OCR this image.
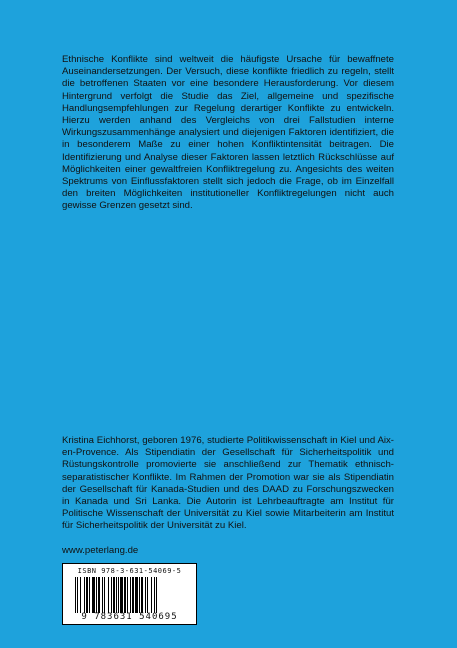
Ethnische Konflikte sind weltweit die häufigste Ursache für bewaffnete Auseinandersetzungen. Der Versuch, diese konflikte friedlich zu regeln, stellt die betroffenen Staaten vor eine besondere Herausforderung. Vor diesem Hintergrund verfolgt die Studie das Ziel, allgemeine und spezifische Handlungsempfehlungen zur Regelung derartiger Konflikte zu entwickeln. Hierzu werden anhand des Vergleichs von drei Fallstudien interne Wirkungszusammenhänge analysiert und diejenigen Faktoren identifiziert, die in besonderem Maße zu einer hohen Konfliktintensität beitragen. Die Identifizierung und Analyse dieser Faktoren lassen letztlich Rückschlüsse auf Möglichkeiten einer gewaltfreien Konfliktregelung zu. Angesichts des weiten Spektrums von Einflussfaktoren stellt sich jedoch die Frage, ob im Einzelfall den breiten Möglichkeiten institutioneller Konfliktregelungen nicht auch gewisse Grenzen gesetzt sind.

Kristina Eichhorst, geboren 1976, studierte Politikwissenschaft in Kiel und Aix-en-Provence. Als Stipendiatin der Gesellschaft für Sicherheitspolitik und Rüstungskontrolle promovierte sie anschließend zur Thematik ethnisch-separatistischer Konflikte. Im Rahmen der Promotion war sie als Stipendiatin der Gesellschaft für Kanada-Studien und des DAAD zu Forschungszwecken in Kanada und Sri Lanka. Die Autorin ist Lehrbeauftragte am Institut für Politische Wissenschaft der Universität zu Kiel sowie Mitarbeiterin am Institut für Sicherheitspolitik der Universität zu Kiel.

www.peterlang.de
ISBN 978-3-631-54069-5
9 783631 540695
